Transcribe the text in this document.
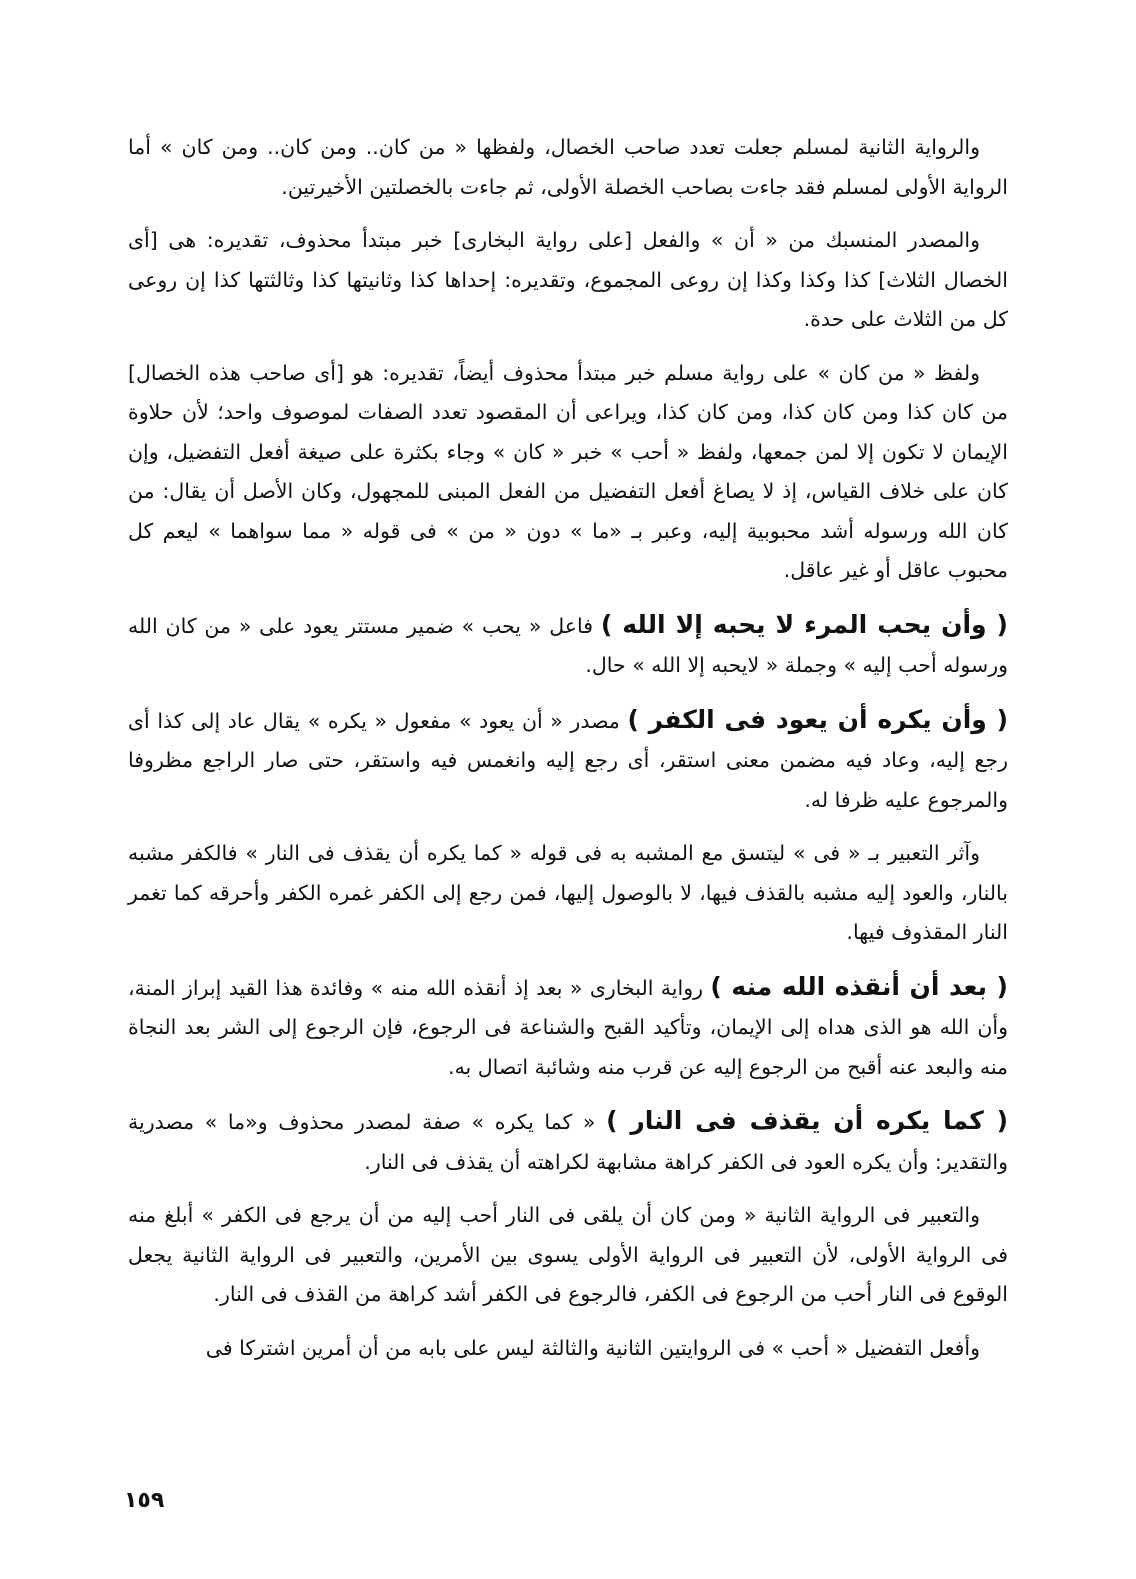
والرواية الثانية لمسلم جعلت تعدد صاحب الخصال، ولفظها « من كان.. ومن كان.. ومن كان » أما الرواية الأولى لمسلم فقد جاءت بصاحب الخصلة الأولى، ثم جاءت بالخصلتين الأخيرتين.

والمصدر المنسبك من « أن » والفعل [على رواية البخارى] خبر مبتدأ محذوف، تقديره: هى [أى الخصال الثلاث] كذا وكذا وكذا إن روعى المجموع، وتقديره: إحداها كذا وثانيتها كذا وثالثتها كذا إن روعى كل من الثلاث على حدة.

ولفظ « من كان » على رواية مسلم خبر مبتدأ محذوف أيضاً، تقديره: هو [أى صاحب هذه الخصال] من كان كذا ومن كان كذا، ومن كان كذا، ويراعى أن المقصود تعدد الصفات لموصوف واحد؛ لأن حلاوة الإيمان لا تكون إلا لمن جمعها، ولفظ « أحب » خبر « كان » وجاء بكثرة على صيغة أفعل التفضيل، وإن كان على خلاف القياس، إذ لا يصاغ أفعل التفضيل من الفعل المبنى للمجهول، وكان الأصل أن يقال: من كان الله ورسوله أشد محبوبية إليه، وعبر بـ «ما » دون « من » فى قوله « مما سواهما » ليعم كل محبوب عاقل أو غير عاقل.

( وأن يحب المرء لا يحبه إلا الله ) فاعل « يحب » ضمير مستتر يعود على « من كان الله ورسوله أحب إليه » وجملة « لايحبه إلا الله » حال.

( وأن يكره أن يعود فى الكفر ) مصدر « أن يعود » مفعول « يكره » يقال عاد إلى كذا أى رجع إليه، وعاد فيه مضمن معنى استقر، أى رجع إليه وانغمس فيه واستقر، حتى صار الراجع مظروفا والمرجوع عليه ظرفا له.

وآثر التعبير بـ « فى » ليتسق مع المشبه به فى قوله « كما يكره أن يقذف فى النار » فالكفر مشبه بالنار، والعود إليه مشبه بالقذف فيها، لا بالوصول إليها، فمن رجع إلى الكفر غمره الكفر وأحرقه كما تغمر النار المقذوف فيها.

( بعد أن أنقذه الله منه ) رواية البخارى « بعد إذ أنقذه الله منه » وفائدة هذا القيد إبراز المنة، وأن الله هو الذى هداه إلى الإيمان، وتأكيد القبح والشناعة فى الرجوع، فإن الرجوع إلى الشر بعد النجاة منه والبعد عنه أقبح من الرجوع إليه عن قرب منه وشائبة اتصال به.

( كما يكره أن يقذف فى النار ) « كما يكره » صفة لمصدر محذوف و«ما » مصدرية والتقدير: وأن يكره العود فى الكفر كراهة مشابهة لكراهته أن يقذف فى النار.

والتعبير فى الرواية الثانية « ومن كان أن يلقى فى النار أحب إليه من أن يرجع فى الكفر » أبلغ منه فى الرواية الأولى، لأن التعبير فى الرواية الأولى يسوى بين الأمرين، والتعبير فى الرواية الثانية يجعل الوقوع فى النار أحب من الرجوع فى الكفر، فالرجوع فى الكفر أشد كراهة من القذف فى النار.

وأفعل التفضيل « أحب » فى الروايتين الثانية والثالثة ليس على بابه من أن أمرين اشتركا فى

١٥٩
